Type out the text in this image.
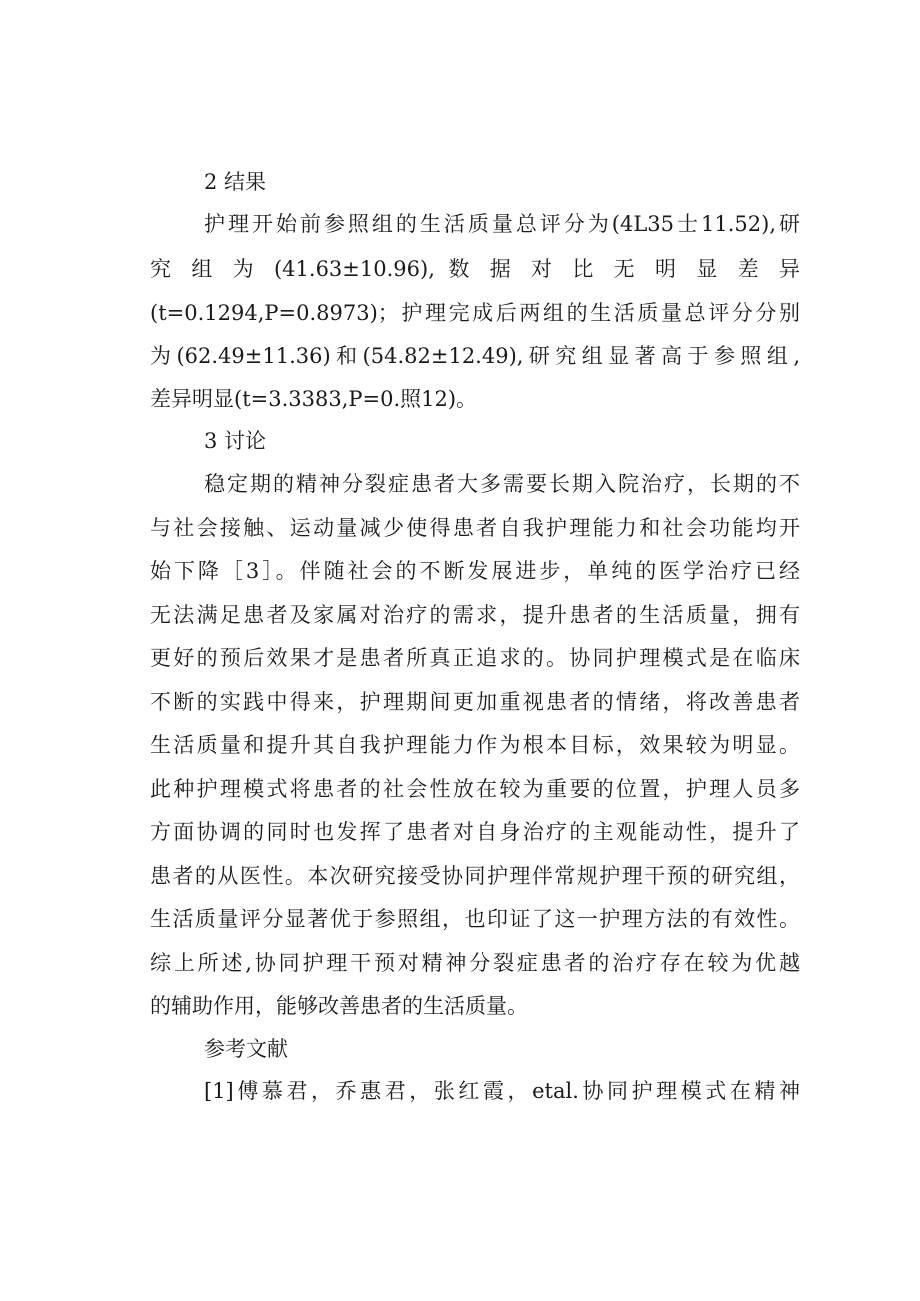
2 结果
护理开始前参照组的生活质量总评分为(4L35士11.52),研
究 组 为 (41.63±10.96), 数 据 对 比 无 明 显 差 异
(t=0.1294,P=0.8973)；护理完成后两组的生活质量总评分分别
为(62.49±11.36)和(54.82±12.49),研究组显著高于参照组,
差异明显(t=3.3383,P=0.照12)。
3 讨论
稳定期的精神分裂症患者大多需要长期入院治疗，长期的不
与社会接触、运动量减少使得患者自我护理能力和社会功能均开
始下降［3］。伴随社会的不断发展进步，单纯的医学治疗已经
无法满足患者及家属对治疗的需求，提升患者的生活质量，拥有
更好的预后效果才是患者所真正追求的。协同护理模式是在临床
不断的实践中得来，护理期间更加重视患者的情绪，将改善患者
生活质量和提升其自我护理能力作为根本目标，效果较为明显。
此种护理模式将患者的社会性放在较为重要的位置，护理人员多
方面协调的同时也发挥了患者对自身治疗的主观能动性，提升了
患者的从医性。本次研究接受协同护理伴常规护理干预的研究组，
生活质量评分显著优于参照组，也印证了这一护理方法的有效性。
综上所述,协同护理干预对精神分裂症患者的治疗存在较为优越
的辅助作用，能够改善患者的生活质量。
参考文献
[1]傅慕君，乔惠君，张红霞，etal.协同护理模式在精神
